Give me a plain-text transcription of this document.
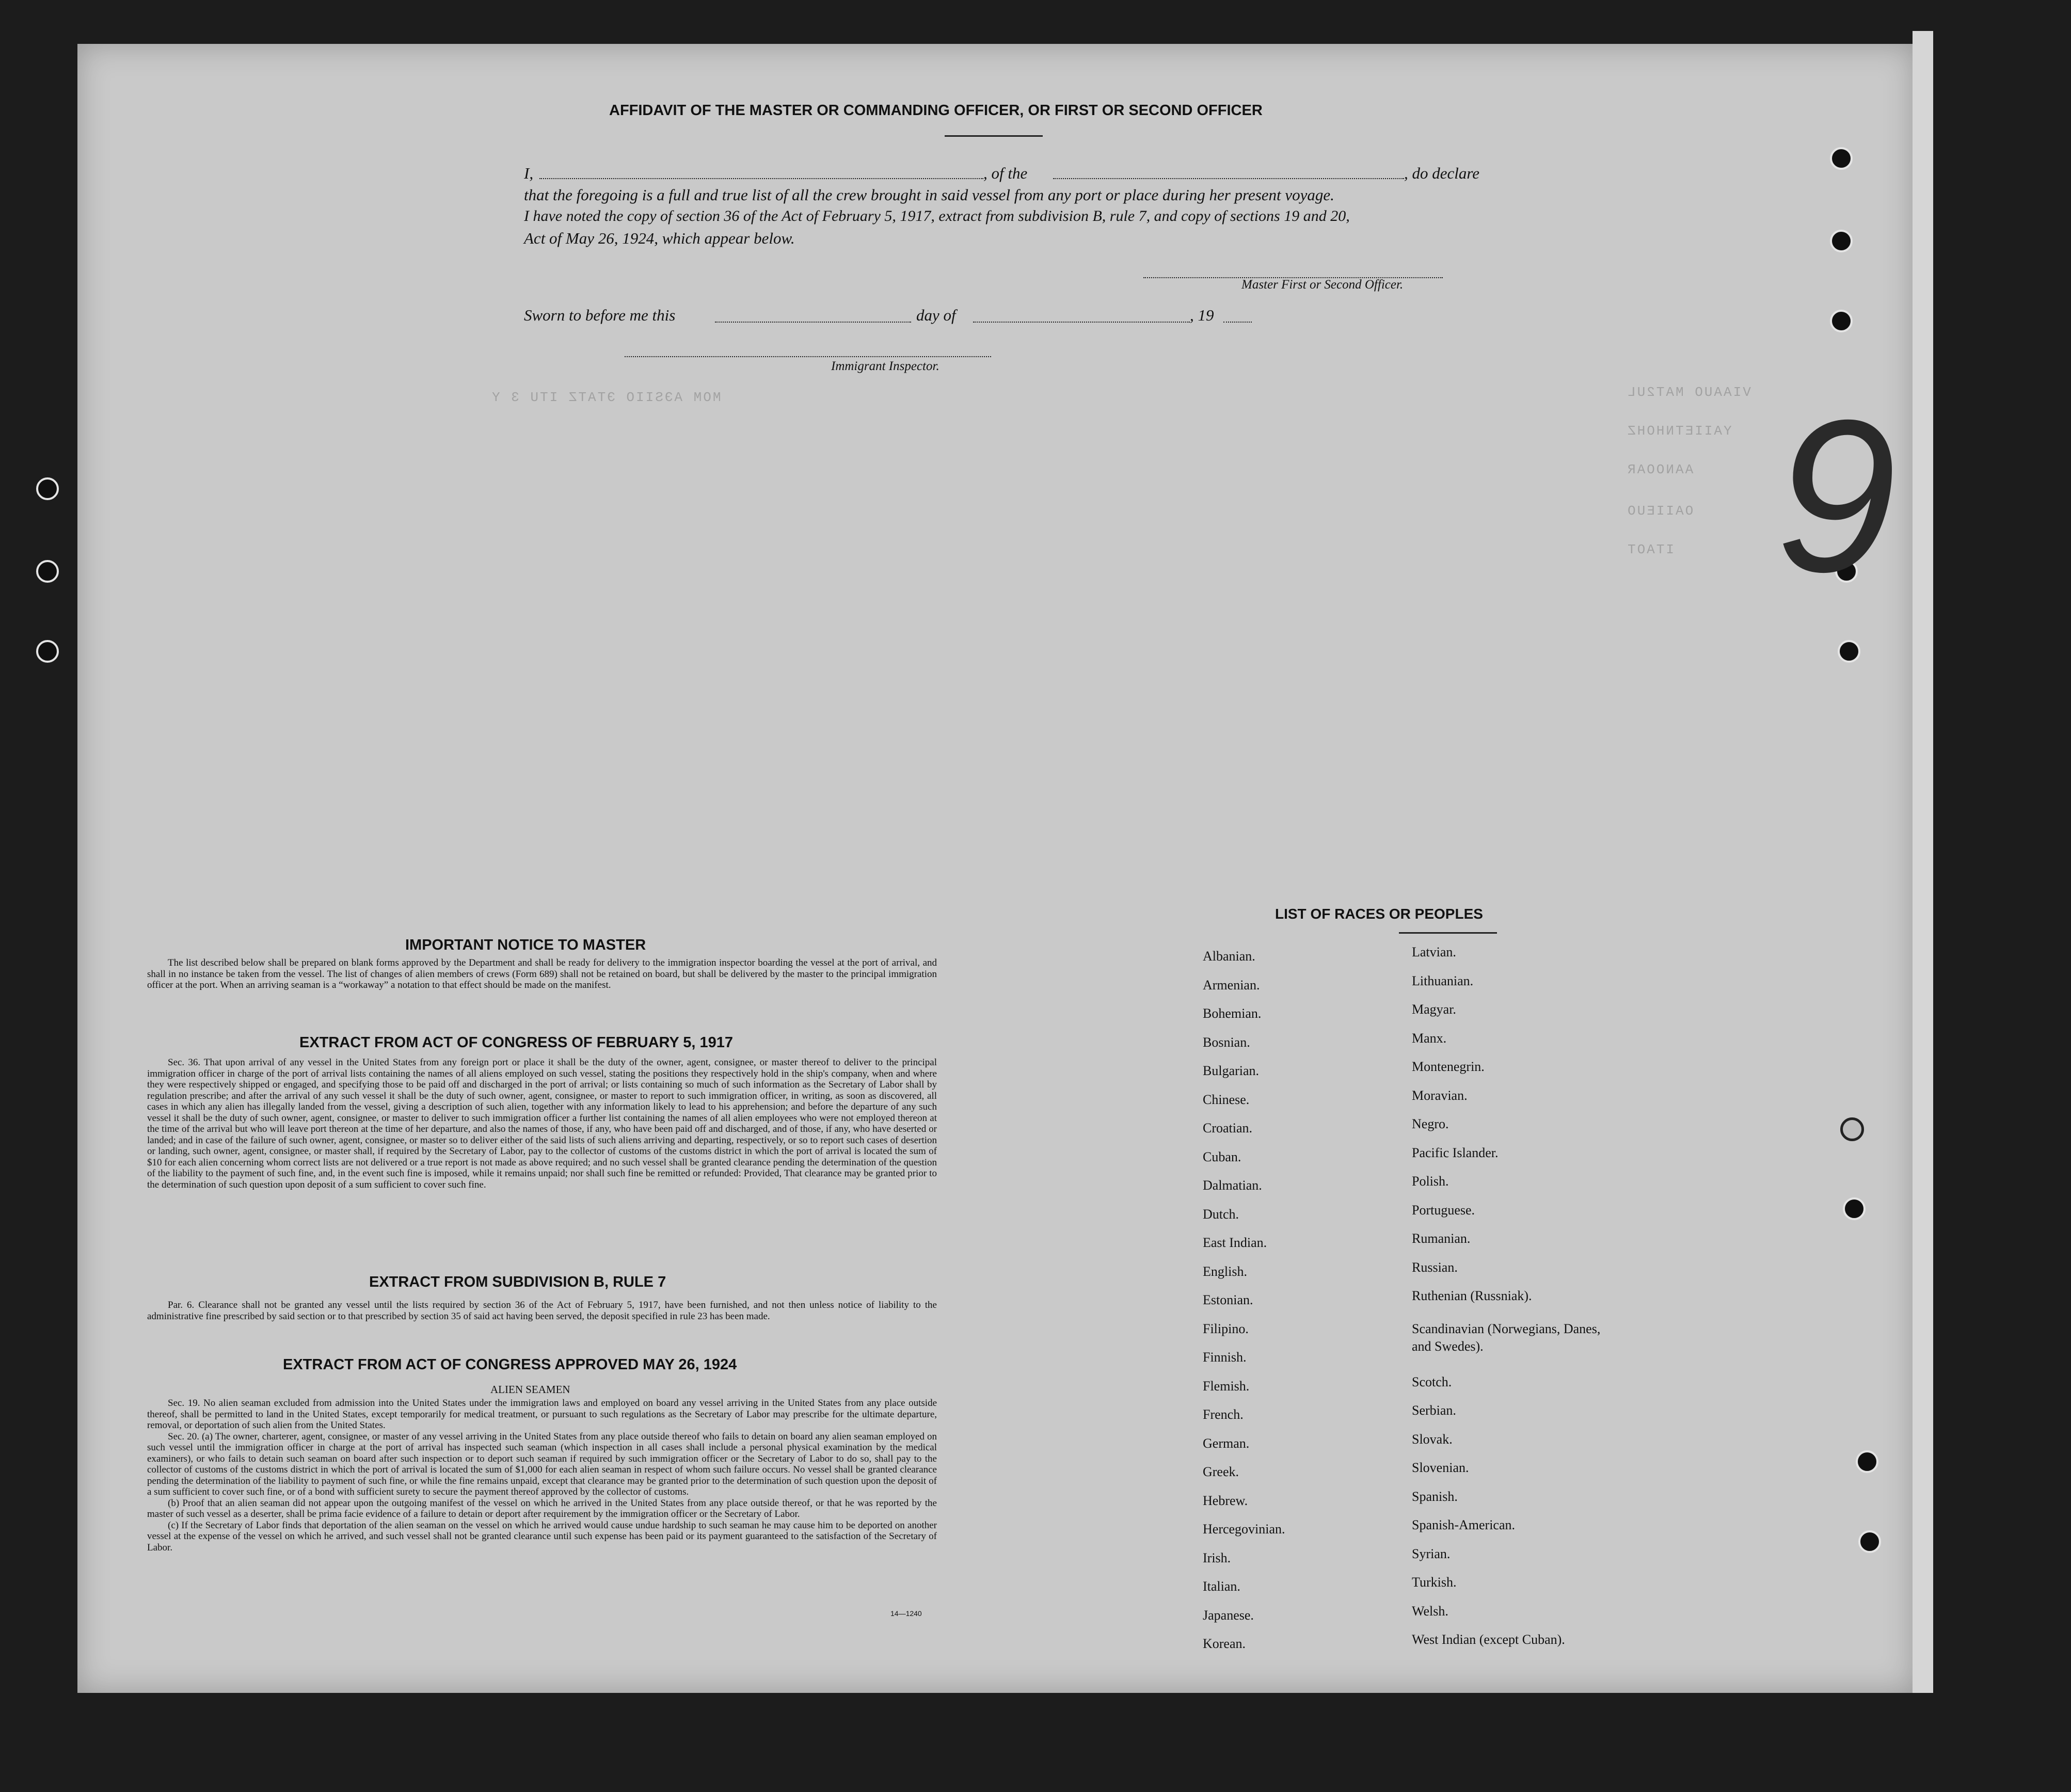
VIAAUO MAT2UL
YAIIETNHOHZ
AANOOAR
OAIIEUO
ITAOT
MOM AЭSIIO ЭTATZ ITU 3 Y	9
AFFIDAVIT OF THE MASTER OR COMMANDING OFFICER, OR FIRST OR SECOND OFFICER
I,	, of the	, do declare
that the foregoing is a full and true list of all the crew brought in said vessel from any port or place during her present voyage.
I have noted the copy of section 36 of the Act of February 5, 1917, extract from subdivision B, rule 7, and copy of sections 19 and 20,
Act of May 26, 1924, which appear below.
Master First or Second Officer.
Sworn to before me this	day of	, 19
Immigrant Inspector.
IMPORTANT NOTICE TO MASTER

The list described below shall be prepared on blank forms approved by the Department and shall be ready for delivery to the immigration inspector boarding the vessel at the port of arrival, and shall in no instance be taken from the vessel. The list of changes of alien members of crews (Form 689) shall not be retained on board, but shall be delivered by the master to the principal immigration officer at the port. When an arriving seaman is a “workaway” a notation to that effect should be made on the manifest.

EXTRACT FROM ACT OF CONGRESS OF FEBRUARY 5, 1917

Sec. 36. That upon arrival of any vessel in the United States from any foreign port or place it shall be the duty of the owner, agent, consignee, or master thereof to deliver to the principal immigration officer in charge of the port of arrival lists containing the names of all aliens employed on such vessel, stating the positions they respectively hold in the ship's company, when and where they were respectively shipped or engaged, and specifying those to be paid off and discharged in the port of arrival; or lists containing so much of such information as the Secretary of Labor shall by regulation prescribe; and after the arrival of any such vessel it shall be the duty of such owner, agent, consignee, or master to report to such immigration officer, in writing, as soon as discovered, all cases in which any alien has illegally landed from the vessel, giving a description of such alien, together with any information likely to lead to his apprehension; and before the departure of any such vessel it shall be the duty of such owner, agent, consignee, or master to deliver to such immigration officer a further list containing the names of all alien employees who were not employed thereon at the time of the arrival but who will leave port thereon at the time of her departure, and also the names of those, if any, who have been paid off and discharged, and of those, if any, who have deserted or landed; and in case of the failure of such owner, agent, consignee, or master so to deliver either of the said lists of such aliens arriving and departing, respectively, or so to report such cases of desertion or landing, such owner, agent, consignee, or master shall, if required by the Secretary of Labor, pay to the collector of customs of the customs district in which the port of arrival is located the sum of $10 for each alien concerning whom correct lists are not delivered or a true report is not made as above required; and no such vessel shall be granted clearance pending the determination of the question of the liability to the payment of such fine, and, in the event such fine is imposed, while it remains unpaid; nor shall such fine be remitted or refunded: Provided, That clearance may be granted prior to the determination of such question upon deposit of a sum sufficient to cover such fine.

EXTRACT FROM SUBDIVISION B, RULE 7

Par. 6. Clearance shall not be granted any vessel until the lists required by section 36 of the Act of February 5, 1917, have been furnished, and not then unless notice of liability to the administrative fine prescribed by said section or to that prescribed by section 35 of said act having been served, the deposit specified in rule 23 has been made.

EXTRACT FROM ACT OF CONGRESS APPROVED MAY 26, 1924
ALIEN SEAMEN

Sec. 19. No alien seaman excluded from admission into the United States under the immigration laws and employed on board any vessel arriving in the United States from any place outside thereof, shall be permitted to land in the United States, except temporarily for medical treatment, or pursuant to such regulations as the Secretary of Labor may prescribe for the ultimate departure, removal, or deportation of such alien from the United States.

Sec. 20. (a) The owner, charterer, agent, consignee, or master of any vessel arriving in the United States from any place outside thereof who fails to detain on board any alien seaman employed on such vessel until the immigration officer in charge at the port of arrival has inspected such seaman (which inspection in all cases shall include a personal physical examination by the medical examiners), or who fails to detain such seaman on board after such inspection or to deport such seaman if required by such immigration officer or the Secretary of Labor to do so, shall pay to the collector of customs of the customs district in which the port of arrival is located the sum of $1,000 for each alien seaman in respect of whom such failure occurs. No vessel shall be granted clearance pending the determination of the liability to payment of such fine, or while the fine remains unpaid, except that clearance may be granted prior to the determination of such question upon the deposit of a sum sufficient to cover such fine, or of a bond with sufficient surety to secure the payment thereof approved by the collector of customs.

(b) Proof that an alien seaman did not appear upon the outgoing manifest of the vessel on which he arrived in the United States from any place outside thereof, or that he was reported by the master of such vessel as a deserter, shall be prima facie evidence of a failure to detain or deport after requirement by the immigration officer or the Secretary of Labor.

(c) If the Secretary of Labor finds that deportation of the alien seaman on the vessel on which he arrived would cause undue hardship to such seaman he may cause him to be deported on another vessel at the expense of the vessel on which he arrived, and such vessel shall not be granted clearance until such expense has been paid or its payment guaranteed to the satisfaction of the Secretary of Labor.

14—1240
LIST OF RACES OR PEOPLES
Albanian.
Armenian.
Bohemian.
Bosnian.
Bulgarian.
Chinese.
Croatian.
Cuban.
Dalmatian.
Dutch.
East Indian.
English.
Estonian.
Filipino.
Finnish.
Flemish.
French.
German.
Greek.
Hebrew.
Hercegovinian.
Irish.
Italian.
Japanese.
Korean.
Latvian.
Lithuanian.
Magyar.
Manx.
Montenegrin.
Moravian.
Negro.
Pacific Islander.
Polish.
Portuguese.
Rumanian.
Russian.
Ruthenian (Russniak).
Scandinavian (Norwegians, Danes, and Swedes).
Scotch.
Serbian.
Slovak.
Slovenian.
Spanish.
Spanish-American.
Syrian.
Turkish.
Welsh.
West Indian (except Cuban).
